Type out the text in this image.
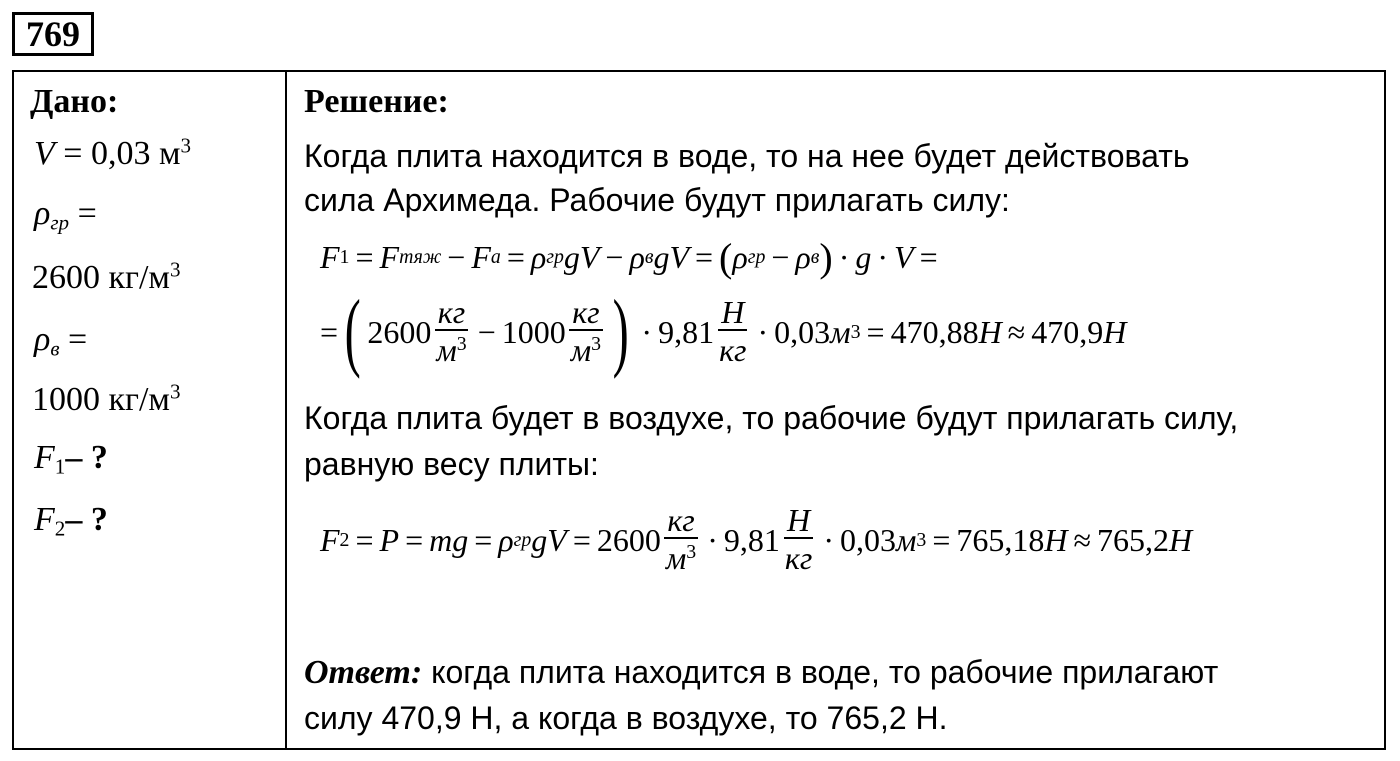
769
Дано:
V = 0,03 $м^3$
$\rho_{гр}$ =
2600 $кг/м^3$
$\rho_в$ =
1000 $кг/м^3$
$F_1-$ ?
$F_2-$ ?
Решение:
Когда плита находится в воде, то на нее будет действовать
сила Архимеда. Рабочие будут прилагать силу:
F 1 = F тяж − F а = ρ гр gV − ρ в gV = ( ρ гр − ρ в ) · g · V =
= ( $2600 \frac{кг}{м^3} - 1000 \frac{кг}{м^3}$ ) · $9,81 \frac{Н}{кг} \cdot 0,03$ м 3 = 470,88 Н ≈ 470,9 Н
Когда плита будет в воздухе, то рабочие будут прилагать силу,
равную весу плиты:
F 2 = P = mg = ρ гр gV = $2600 \frac{кг}{м^3} \cdot 9,81 \frac{Н}{кг} \cdot 0,03$ м 3 = 765,18 Н ≈ 765,2 Н
Ответ: когда плита находится в воде, то рабочие прилагают
силу 470,9 Н, а когда в воздухе, то 765,2 Н.
